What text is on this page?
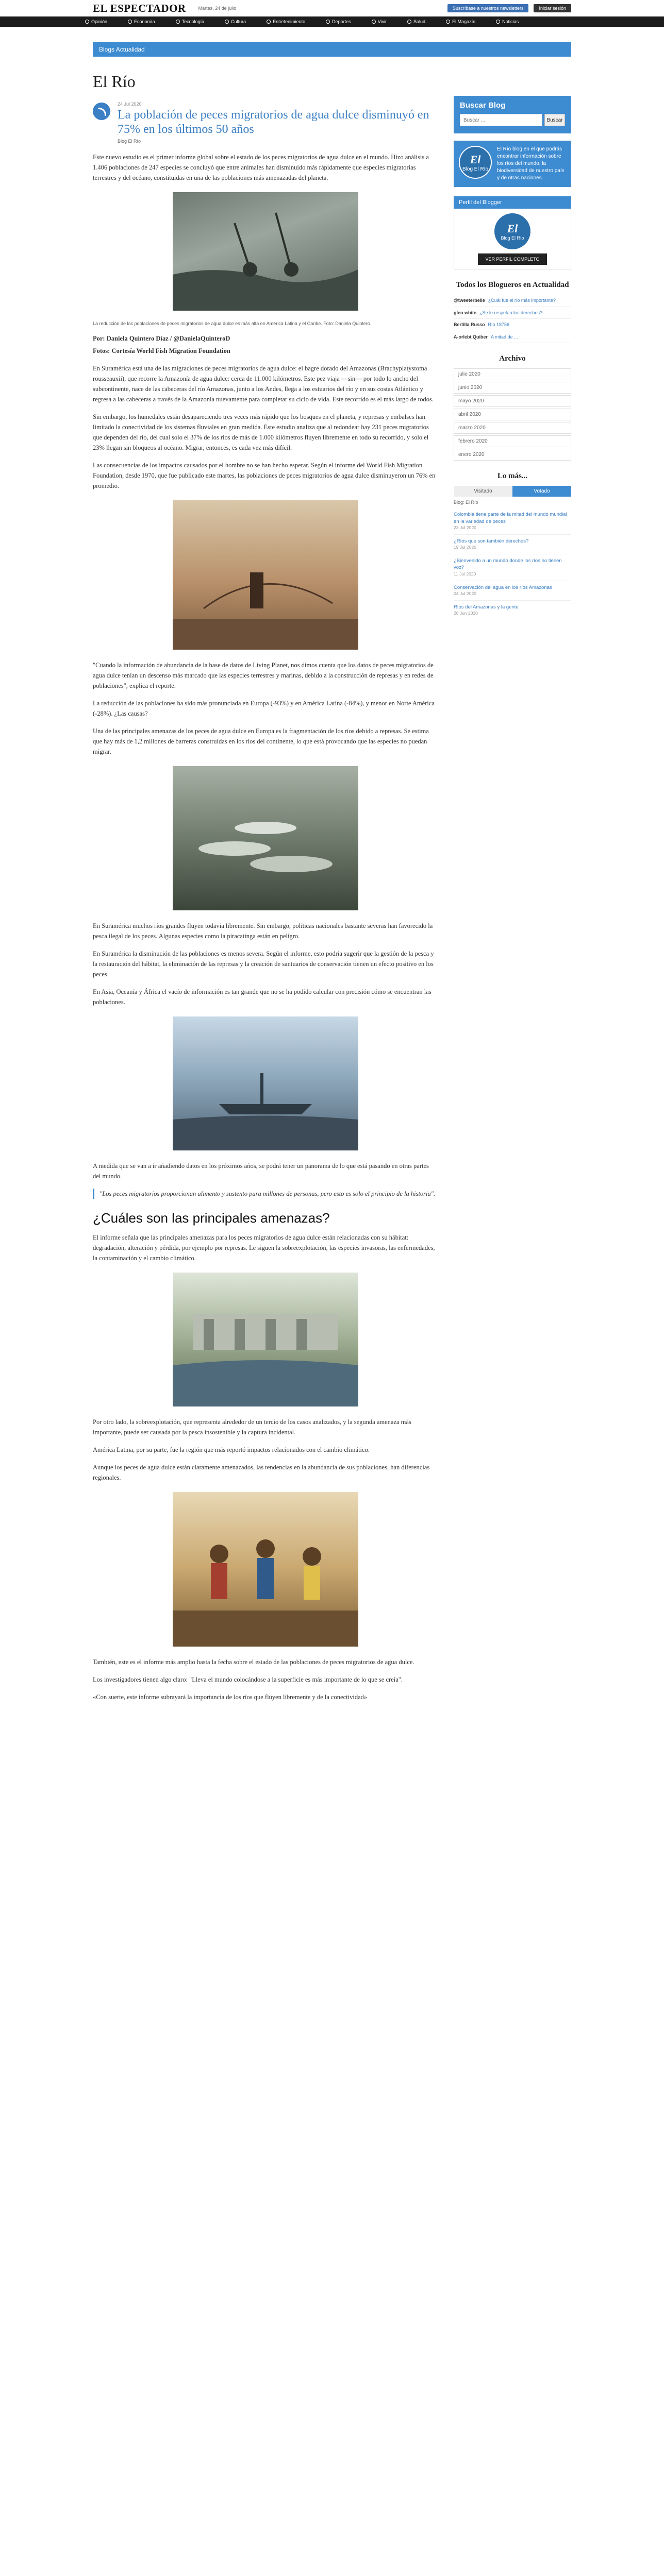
EL ESPECTADOR	Martes, 24 de julio	Suscríbase a nuestros newsletters	Iniciar sesión
Opinión	Economía	Tecnología	Cultura	Entretenimiento	Deportes	Vivir	Salud	El Magazín	Noticias
Blogs Actualidad
El Río
24 Jul 2020
La población de peces migratorios de agua dulce disminuyó en 75% en los últimos 50 años
Blog El Río

Este nuevo estudio es el primer informe global sobre el estado de los peces migratorios de agua dulce en el mundo. Hizo análisis a 1.406 poblaciones de 247 especies se concluyó que entre animales han disminuido más rápidamente que especies migratorias terrestres y del océano, constituidas en una de las poblaciones más amenazadas del planeta.

La reducción de las poblaciones de peces migratorios de agua dulce es más alta en América Latina y el Caribe. Foto: Daniela Quintero.

Por: Daniela Quintero Díaz / @DanielaQuinteroD

Fotos: Cortesía World Fish Migration Foundation

En Suramérica está una de las migraciones de peces migratorios de agua dulce: el bagre dorado del Amazonas (Brachyplatystoma rousseauxii), que recorre la Amazonía de agua dulce: cerca de 11.000 kilómetros. Este pez viaja —sin— por todo lo ancho del subcontinente, nace de las cabeceras del río Amazonas, junto a los Andes, llega a los estuarios del río y en sus costas Atlántico y regresa a las cabeceras a través de la Amazonía nuevamente para completar su ciclo de vida. Este recorrido es el más largo de todos.

Sin embargo, los humedales están desapareciendo tres veces más rápido que los bosques en el planeta, y represas y embalses han limitado la conectividad de los sistemas fluviales en gran medida. Este estudio analiza que al redondear hay 231 peces migratorios que dependen del río, del cual solo el 37% de los ríos de más de 1.000 kilómetros fluyen libremente en todo su recorrido, y solo el 23% llegan sin bloqueos al océano. Migrar, entonces, es cada vez más difícil.

Las consecuencias de los impactos causados por el hombre no se han hecho esperar. Según el informe del World Fish Migration Foundation, desde 1970, que fue publicado este martes, las poblaciones de peces migratorios de agua dulce disminuyeron un 76% en promedio.

"Cuando la información de abundancia de la base de datos de Living Planet, nos dimos cuenta que los datos de peces migratorios de agua dulce tenían un descenso más marcado que las especies terrestres y marinas, debido a la construcción de represas y en redes de poblaciones", explica el reporte.

La reducción de las poblaciones ha sido más pronunciada en Europa (-93%) y en América Latina (-84%), y menor en Norte América (-28%). ¿Las causas?

Una de las principales amenazas de los peces de agua dulce en Europa es la fragmentación de los ríos debido a represas. Se estima que hay más de 1,2 millones de barreras construidas en los ríos del continente, lo que está provocando que las especies no puedan migrar.

En Suramérica muchos ríos grandes fluyen todavía libremente. Sin embargo, políticas nacionales bastante severas han favorecido la pesca ilegal de los peces. Algunas especies como la piracatinga están en peligro.

En Suramérica la disminución de las poblaciones es menos severa. Según el informe, esto podría sugerir que la gestión de la pesca y la restauración del hábitat, la eliminación de las represas y la creación de santuarios de conservación tienen un efecto positivo en los peces.

En Asia, Oceanía y África el vacío de información es tan grande que no se ha podido calcular con precisión cómo se encuentran las poblaciones.

A medida que se van a ir añadiendo datos en los próximos años, se podrá tener un panorama de lo que está pasando en otras partes del mundo.

"Los peces migratorios proporcionan alimento y sustento para millones de personas, pero esto es solo el principio de la historia".

¿Cuáles son las principales amenazas?

El informe señala que las principales amenazas para los peces migratorios de agua dulce están relacionadas con su hábitat: degradación, alteración y pérdida, por ejemplo por represas. Le siguen la sobreexplotación, las especies invasoras, las enfermedades, la contaminación y el cambio climático.

Por otro lado, la sobreexplotación, que representa alrededor de un tercio de los casos analizados, y la segunda amenaza más importante, puede ser causada por la pesca insostenible y la captura incidental.

América Latina, por su parte, fue la región que más reportó impactos relacionados con el cambio climático.

Aunque los peces de agua dulce están claramente amenazados, las tendencias en la abundancia de sus poblaciones, han diferencias regionales.

También, este es el informe más amplio hasta la fecha sobre el estado de las poblaciones de peces migratorios de agua dulce.

Los investigadores tienen algo claro: "Lleva el mundo colocándose a la superficie es más importante de lo que se creía".

«Con suerte, este informe subrayará la importancia de los ríos que fluyen libremente y de la conectividad»

Buscar Blog
Buscar ...
Buscar
El
Blog El Río
El Río blog en el que podrás encontrar información sobre los ríos del mundo, la biodiversidad de nuestro país y de otras naciones.
Perfil del Blogger
El
Blog El Río
VER PERFIL COMPLETO
Todos los Blogueros en Actualidad
@tweeterbelle ¿Cuál fue el río más importante?
glen white ¿Se le respetan los derechos?
Bertilla Russo Río 18756
A-orlebt Quiber A mitad de ...
Archivo
julio 2020
junio 2020
mayo 2020
abril 2020
marzo 2020
febrero 2020
enero 2020
Lo más...
Visitado	Votado
Blog: El Río
Colombia tiene parte de la mitad del mundo mundial en la variedad de peces
23 Jul 2020
¿Ríos que son también derechos?
19 Jul 2020
¿Bienvenido a un mundo donde los ríos no tienen voz?
11 Jul 2020
Conservación del agua en los ríos Amazonas
04 Jul 2020
Ríos del Amazonas y la gente
28 Jun 2020
